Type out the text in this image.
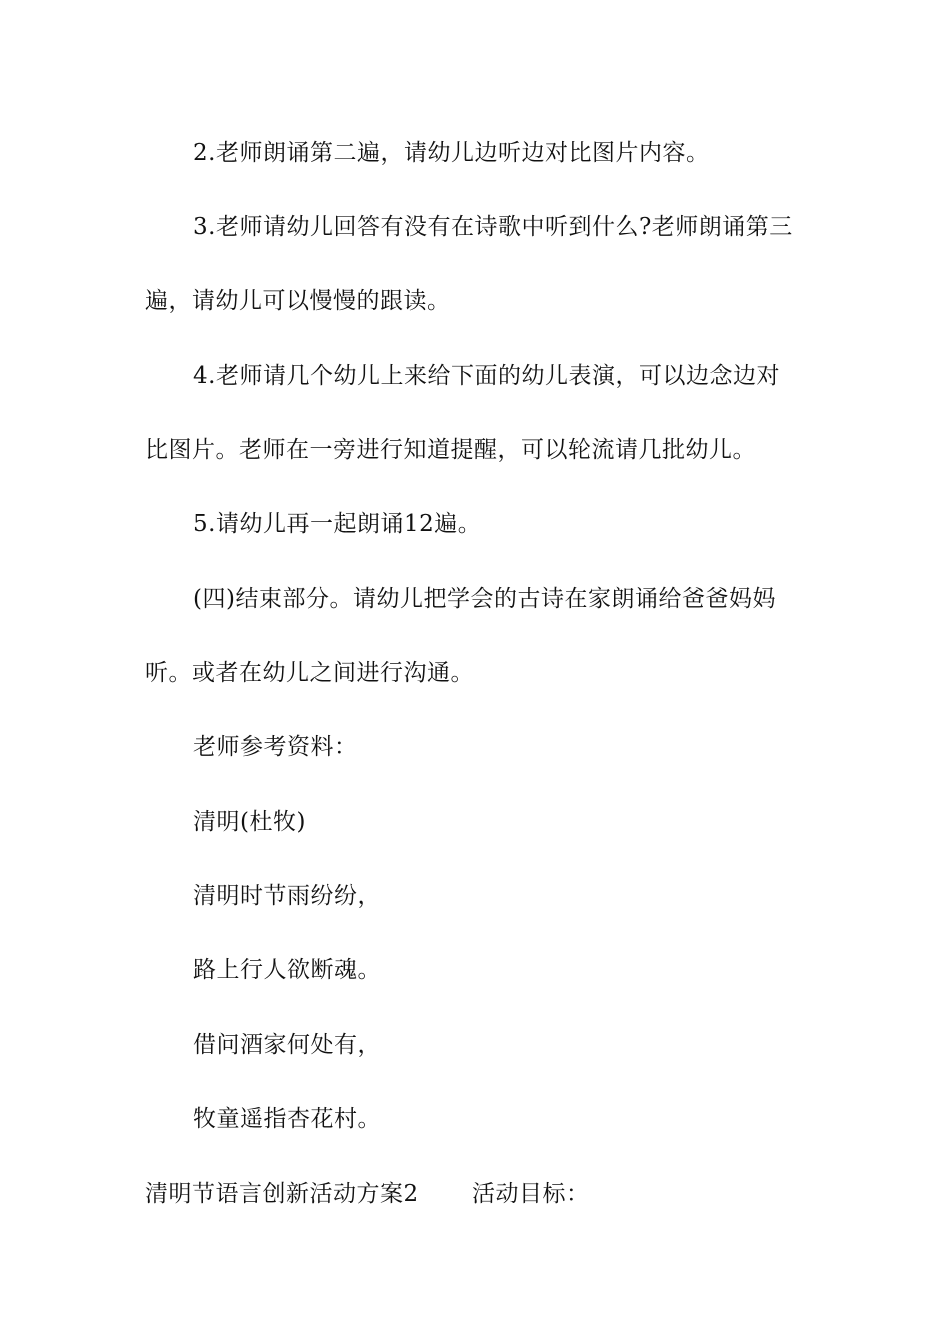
2.老师朗诵第二遍，请幼儿边听边对比图片内容。
3.老师请幼儿回答有没有在诗歌中听到什么?老师朗诵第三
遍，请幼儿可以慢慢的跟读。
4.老师请几个幼儿上来给下面的幼儿表演，可以边念边对
比图片。老师在一旁进行知道提醒，可以轮流请几批幼儿。
5.请幼儿再一起朗诵12遍。
(四)结束部分。请幼儿把学会的古诗在家朗诵给爸爸妈妈
听。或者在幼儿之间进行沟通。
老师参考资料：
清明(杜牧)
清明时节雨纷纷，
路上行人欲断魂。
借问酒家何处有，
牧童遥指杏花村。
清明节语言创新活动方案2 活动目标：
